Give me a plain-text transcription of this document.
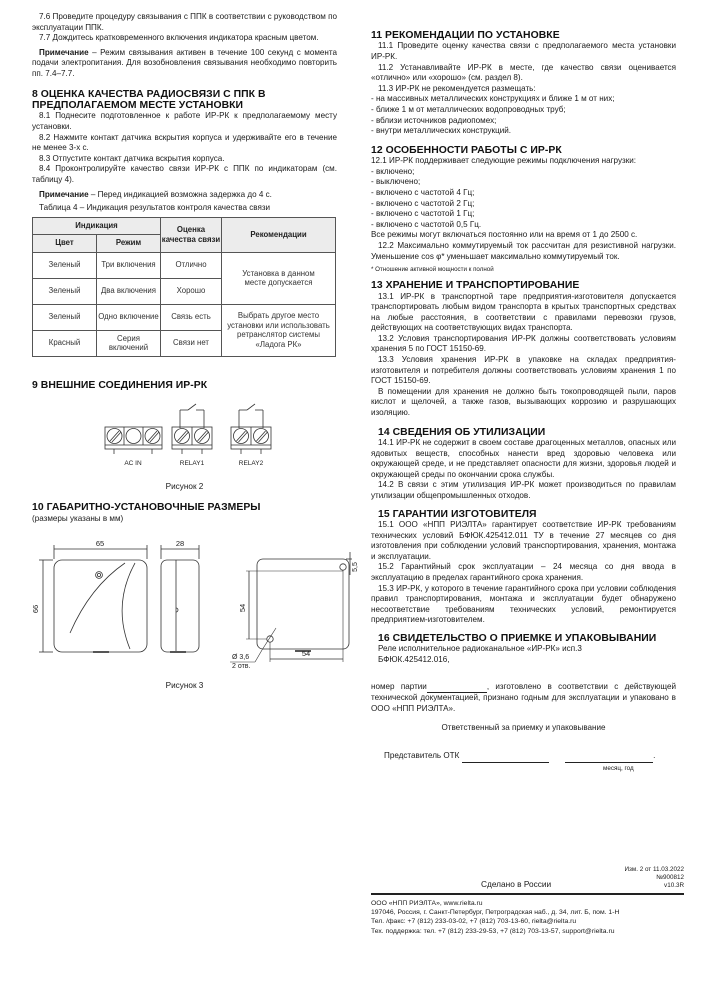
7.6 Проведите процедуру связывания с ППК в соответствии с руководством по эксплуатации ППК.

7.7 Дождитесь кратковременного включения индикатора красным цветом.

Примечание – Режим связывания активен в течение 100 секунд с момента подачи электропитания. Для возобновления связывания необходимо повторить пп. 7.4–7.7.

8 ОЦЕНКА КАЧЕСТВА РАДИОСВЯЗИ С ППК В ПРЕДПОЛАГАЕМОМ МЕСТЕ УСТАНОВКИ

8.1 Поднесите подготовленное к работе ИР-РК к предполагаемому месту установки.

8.2 Нажмите контакт датчика вскрытия корпуса и удерживайте его в течение не менее 3-х с.

8.3 Отпустите контакт датчика вскрытия корпуса.

8.4 Проконтролируйте качество связи ИР-РК с ППК по индикаторам (см. таблицу 4).

Примечание – Перед индикацией возможна задержка до 4 с.

Таблица 4 – Индикация результатов контроля качества связи

Индикация		Оценка качества связи	Рекомендации
Цвет	Режим		
Зеленый	Три включения	Отлично	Установка в данном месте допускается
Зеленый	Два включения	Хорошо	
Зеленый	Одно включение	Связь есть	Выбрать другое место установки или использовать ретранслятор системы «Ладога РК»
Красный	Серия включений	Связи нет	
9 ВНЕШНИЕ СОЕДИНЕНИЯ ИР-РК
AC IN	RELAY1	RELAY2
Рисунок 2
10 ГАБАРИТНО-УСТАНОВОЧНЫЕ РАЗМЕРЫ
(размеры указаны в мм)
65
66
28
54
54
5,5
Ø 3,6
2 отв.
Рисунок 3
11 РЕКОМЕНДАЦИИ ПО УСТАНОВКЕ

11.1 Проведите оценку качества связи с предполагаемого места установки ИР-РК.

11.2 Устанавливайте ИР-РК в месте, где качество связи оценивается «отлично» или «хорошо» (см. раздел 8).

11.3 ИР-РК не рекомендуется размещать:

- на массивных металлических конструкциях и ближе 1 м от них;
- ближе 1 м от металлических водопроводных труб;
- вблизи источников радиопомех;
- внутри металлических конструкций.
12 ОСОБЕННОСТИ РАБОТЫ С ИР-РК

12.1 ИР-РК поддерживает следующие режимы подключения нагрузки:

- включено;
- выключено;
- включено с частотой 4 Гц;
- включено с частотой 2 Гц;
- включено с частотой 1 Гц;
- включено с частотой 0,5 Гц.

Все режимы могут включаться постоянно или на время от 1 до 2500 с.

12.2 Максимально коммутируемый ток рассчитан для резистивной нагрузки. Уменьшение cos φ* уменьшает максимально коммутируемый ток.

* Отношение активной мощности к полной
13 ХРАНЕНИЕ И ТРАНСПОРТИРОВАНИЕ

13.1 ИР-РК в транспортной таре предприятия-изготовителя допускается транспортировать любым видом транспорта в крытых транспортных средствах на любые расстояния, в соответствии с правилами перевозки грузов, действующих на соответствующих видах транспорта.

13.2 Условия транспортирования ИР-РК должны соответствовать условиям хранения 5 по ГОСТ 15150-69.

13.3 Условия хранения ИР-РК в упаковке на складах предприятия-изготовителя и потребителя должны соответствовать условиям хранения 1 по ГОСТ 15150-69.

В помещении для хранения не должно быть токопроводящей пыли, паров кислот и щелочей, а также газов, вызывающих коррозию и разрушающих изоляцию.

14 СВЕДЕНИЯ ОБ УТИЛИЗАЦИИ

14.1 ИР-РК не содержит в своем составе драгоценных металлов, опасных или ядовитых веществ, способных нанести вред здоровью человека или окружающей среде, и не представляет опасности для жизни, здоровья людей и окружающей среды по окончании срока службы.

14.2 В связи с этим утилизация ИР-РК может производиться по правилам утилизации общепромышленных отходов.

15 ГАРАНТИИ ИЗГОТОВИТЕЛЯ

15.1 ООО «НПП РИЭЛТА» гарантирует соответствие ИР-РК требованиям технических условий БФЮК.425412.011 ТУ в течение 27 месяцев со дня изготовления при соблюдении условий транспортирования, хранения, монтажа и эксплуатации.

15.2 Гарантийный срок эксплуатации – 24 месяца со дня ввода в эксплуатацию в пределах гарантийного срока хранения.

15.3 ИР-РК, у которого в течение гарантийного срока при условии соблюдения правил транспортирования, монтажа и эксплуатации будет обнаружено несоответствие требованиям технических условий, ремонтируется предприятием-изготовителем.

16 СВИДЕТЕЛЬСТВО О ПРИЕМКЕ И УПАКОВЫВАНИИ
Реле исполнительное радиоканальное «ИР-РК» исп.3
БФЮК.425412.016,

номер партии	, изготовлено в соответствии с действующей технической документацией, признано годным для эксплуатации и упаковано в ООО «НПП РИЭЛТА».

Ответственный за приемку и упаковывание
Представитель ОТК	.
месяц, год
Изм. 2 от 11.03.2022
№900812
v10.3R
Сделано в России
ООО «НПП РИЭЛТА», www.rielta.ru
197046, Россия, г. Санкт-Петербург, Петроградская наб., д. 34, лит. Б, пом. 1-Н
Тел. /факс: +7 (812) 233-03-02, +7 (812) 703-13-60, rielta@rielta.ru
Тех. поддержка: тел. +7 (812) 233-29-53, +7 (812) 703-13-57, support@rielta.ru
